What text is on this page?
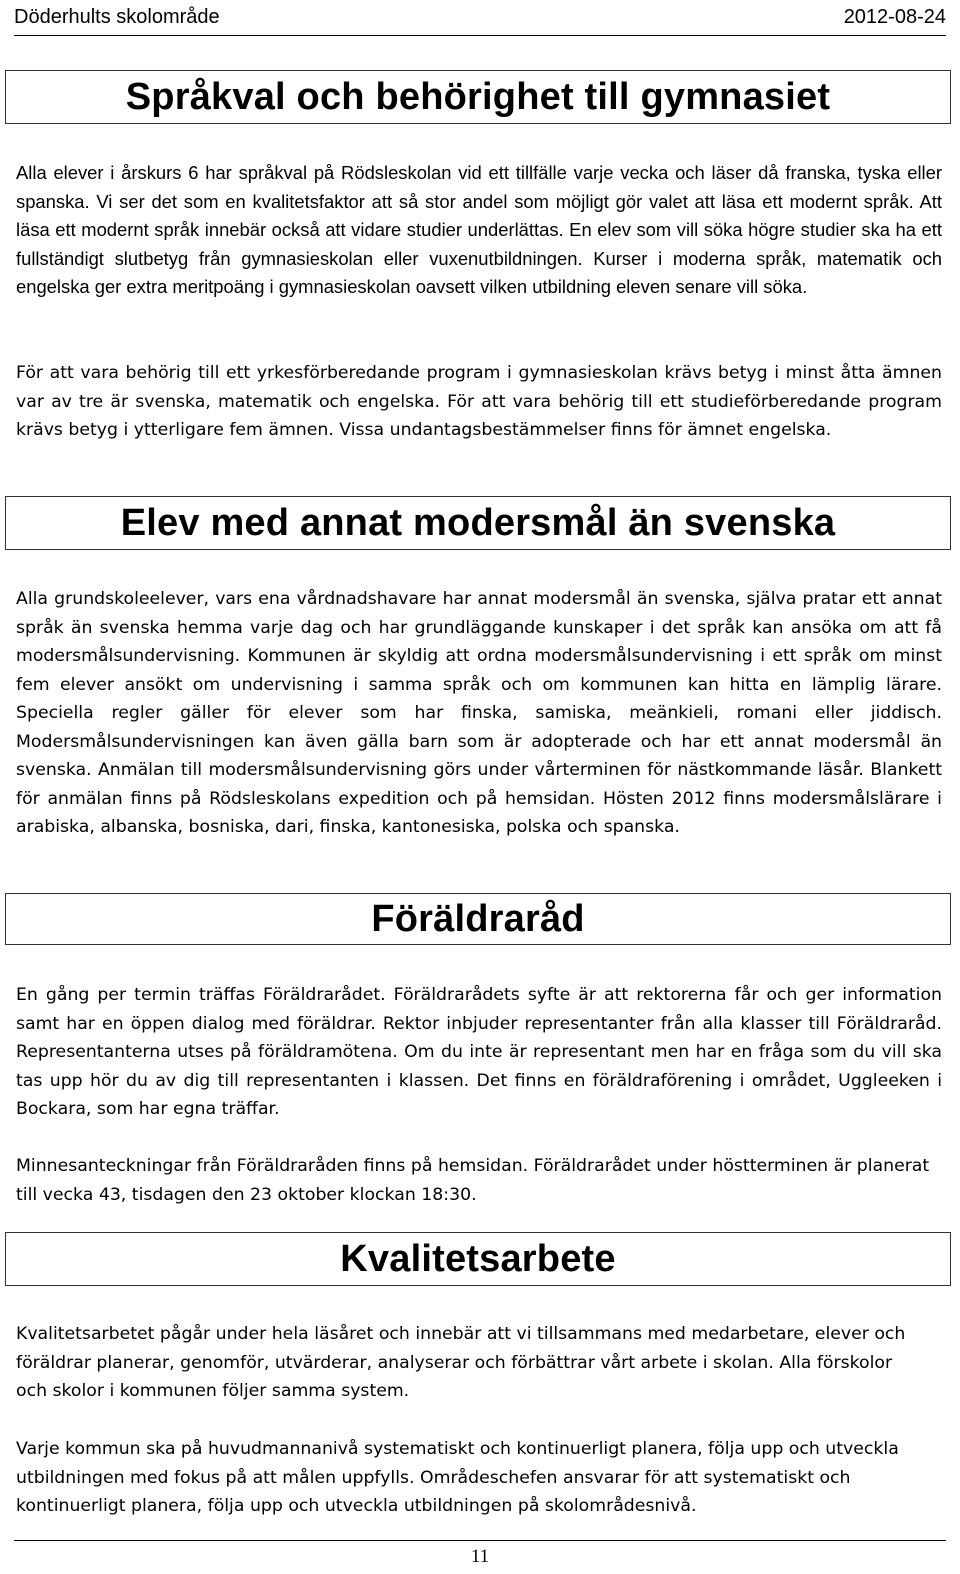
Döderhults skolområde	2012-08-24
Språkval och behörighet till gymnasiet

Alla elever i årskurs 6 har språkval på Rödsleskolan vid ett tillfälle varje vecka och läser då franska, tyska eller spanska. Vi ser det som en kvalitetsfaktor att så stor andel som möjligt gör valet att läsa ett modernt språk. Att läsa ett modernt språk innebär också att vidare studier underlättas. En elev som vill söka högre studier ska ha ett fullständigt slutbetyg från gymnasieskolan eller vuxenutbildningen. Kurser i moderna språk, matematik och engelska ger extra meritpoäng i gymnasieskolan oavsett vilken utbildning eleven senare vill söka.

För att vara behörig till ett yrkesförberedande program i gymnasieskolan krävs betyg i minst åtta ämnen var av tre är svenska, matematik och engelska. För att vara behörig till ett studieförberedande program krävs betyg i ytterligare fem ämnen. Vissa undantagsbestämmelser finns för ämnet engelska.

Elev med annat modersmål än svenska

Alla grundskoleelever, vars ena vårdnadshavare har annat modersmål än svenska, själva pratar ett annat språk än svenska hemma varje dag och har grundläggande kunskaper i det språk kan ansöka om att få modersmålsundervisning. Kommunen är skyldig att ordna modersmålsundervisning i ett språk om minst fem elever ansökt om undervisning i samma språk och om kommunen kan hitta en lämplig lärare. Speciella regler gäller för elever som har finska, samiska, meänkieli, romani eller jiddisch. Modersmålsundervisningen kan även gälla barn som är adopterade och har ett annat modersmål än svenska. Anmälan till modersmålsundervisning görs under vårterminen för nästkommande läsår. Blankett för anmälan finns på Rödsleskolans expedition och på hemsidan. Hösten 2012 finns modersmålslärare i arabiska, albanska, bosniska, dari, finska, kantonesiska, polska och spanska.

Föräldraråd

En gång per termin träffas Föräldrarådet. Föräldrarådets syfte är att rektorerna får och ger information samt har en öppen dialog med föräldrar. Rektor inbjuder representanter från alla klasser till Föräldraråd. Representanterna utses på föräldramötena. Om du inte är representant men har en fråga som du vill ska tas upp hör du av dig till representanten i klassen. Det finns en föräldraförening i området, Uggleeken i Bockara, som har egna träffar.

Minnesanteckningar från Föräldraråden finns på hemsidan. Föräldrarådet under höstterminen är planerat till vecka 43, tisdagen den 23 oktober klockan 18:30.

Kvalitetsarbete

Kvalitetsarbetet pågår under hela läsåret och innebär att vi tillsammans med medarbetare, elever och föräldrar planerar, genomför, utvärderar, analyserar och förbättrar vårt arbete i skolan. Alla förskolor och skolor i kommunen följer samma system.

Varje kommun ska på huvudmannanivå systematiskt och kontinuerligt planera, följa upp och utveckla utbildningen med fokus på att målen uppfylls. Områdeschefen ansvarar för att systematiskt och kontinuerligt planera, följa upp och utveckla utbildningen på skolområdesnivå.

11
